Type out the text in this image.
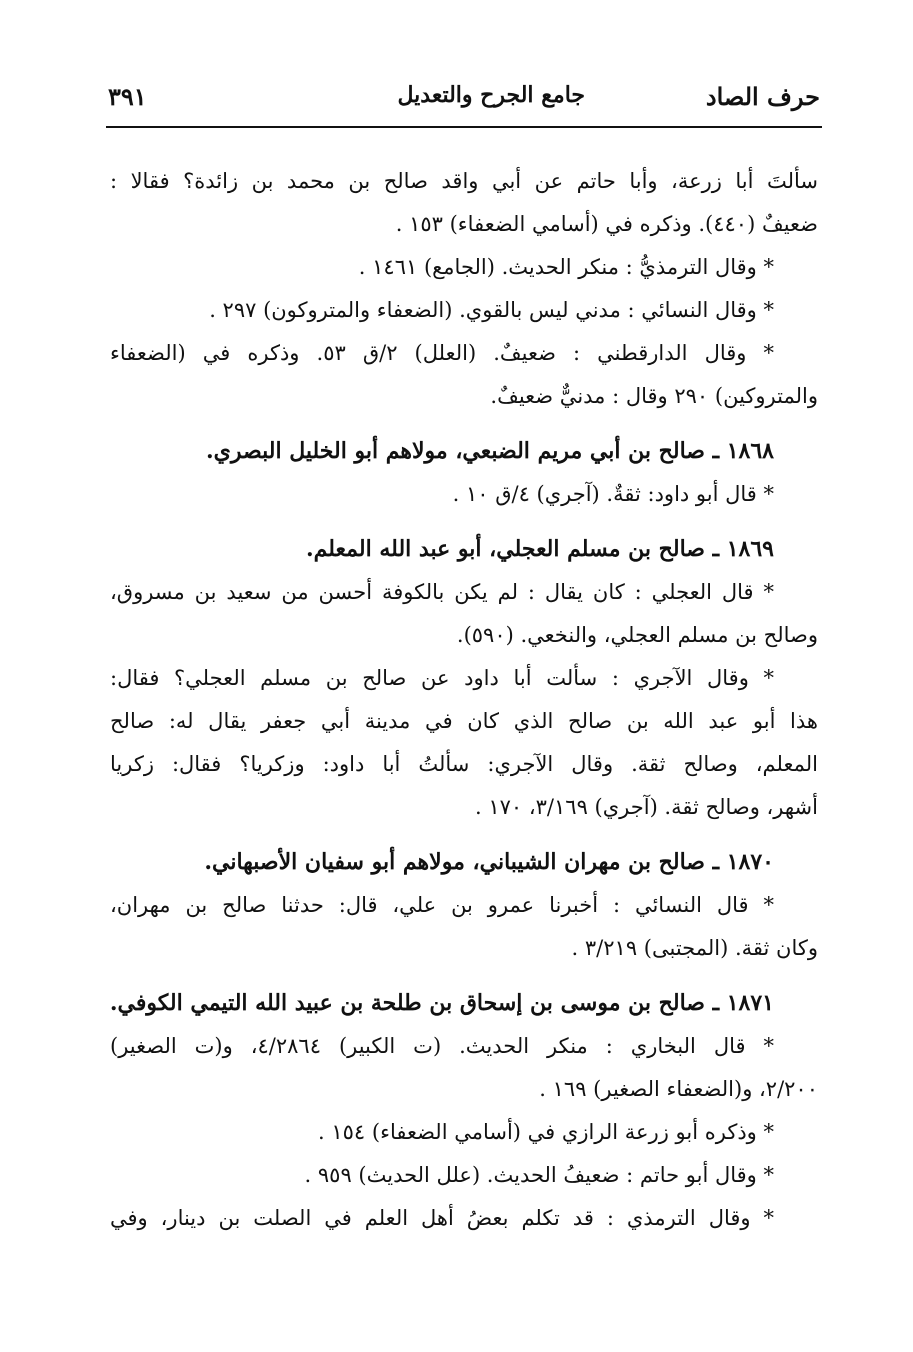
حرف الصاد
جامع الجرح والتعديل
٣٩١
سألتَ أبا زرعة، وأبا حاتم عن أبي واقد صالح بن محمد بن زائدة؟ فقالا :
ضعيفٌ (٤٤٠). وذكره في (أسامي الضعفاء) ١٥٣ .
* وقال الترمذيُّ : منكر الحديث. (الجامع) ١٤٦١ .
* وقال النسائي : مدني ليس بالقوي. (الضعفاء والمتروكون) ٢٩٧ .
* وقال الدارقطني : ضعيفٌ. (العلل) ٢/ق ٥٣. وذكره في (الضعفاء
والمتروكين) ٢٩٠ وقال : مدنيٌّ ضعيفٌ.
١٨٦٨ ـ صالح بن أبي مريم الضبعي، مولاهم أبو الخليل البصري.
* قال أبو داود: ثقةٌ. (آجري) ٤/ق ١٠ .
١٨٦٩ ـ صالح بن مسلم العجلي، أبو عبد الله المعلم.
* قال العجلي : كان يقال : لم يكن بالكوفة أحسن من سعيد بن مسروق،
وصالح بن مسلم العجلي، والنخعي. (٥٩٠).
* وقال الآجري : سألت أبا داود عن صالح بن مسلم العجلي؟ فقال:
هذا أبو عبد الله بن صالح الذي كان في مدينة أبي جعفر يقال له: صالح
المعلم، وصالح ثقة. وقال الآجري: سألتُ أبا داود: وزكريا؟ فقال: زكريا
أشهر، وصالح ثقة. (آجري) ٣/١٦٩، ١٧٠ .
١٨٧٠ ـ صالح بن مهران الشيباني، مولاهم أبو سفيان الأصبهاني.
* قال النسائي : أخبرنا عمرو بن علي، قال: حدثنا صالح بن مهران،
وكان ثقة. (المجتبى) ٣/٢١٩ .
١٨٧١ ـ صالح بن موسى بن إسحاق بن طلحة بن عبيد الله التيمي الكوفي.
* قال البخاري : منكر الحديث. (ت الكبير) ٤/٢٨٦٤، و(ت الصغير)
٢/٢٠٠، و(الضعفاء الصغير) ١٦٩ .
* وذكره أبو زرعة الرازي في (أسامي الضعفاء) ١٥٤ .
* وقال أبو حاتم : ضعيفُ الحديث. (علل الحديث) ٩٥٩ .
* وقال الترمذي : قد تكلم بعضُ أهل العلم في الصلت بن دينار، وفي
